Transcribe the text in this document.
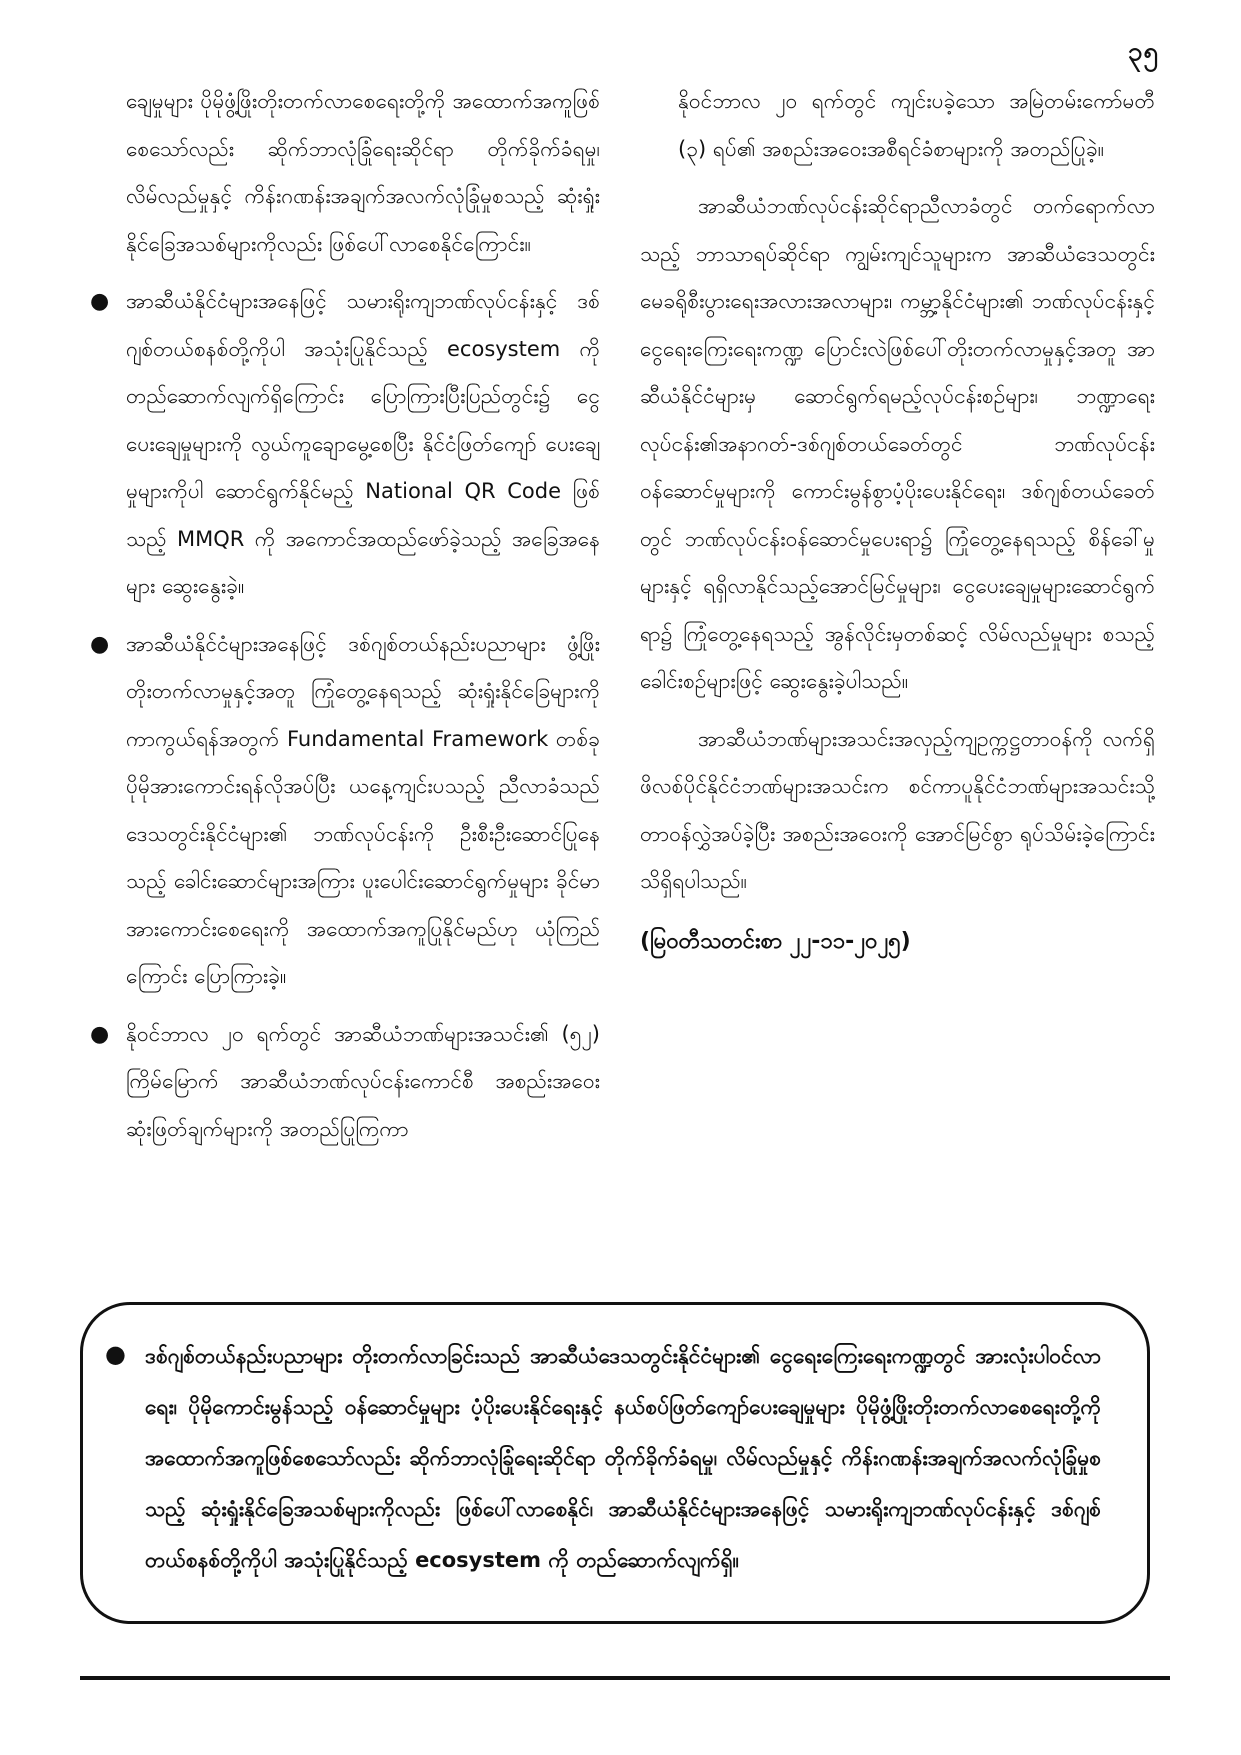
၃၅

ချေမှုများ ပိုမိုဖွံ့ဖြိုးတိုးတက်လာစေရေးတို့ကို အထောက်အကူဖြစ်စေသော်လည်း ဆိုက်ဘာလုံခြုံရေးဆိုင်ရာ တိုက်ခိုက်ခံရမှု၊ လိမ်လည်မှုနှင့် ကိန်းဂဏန်းအချက်အလက်လုံခြုံမှုစသည့် ဆုံးရှုံးနိုင်ခြေအသစ်များကိုလည်း ဖြစ်ပေါ်လာစေနိုင်ကြောင်း။

● အာဆီယံနိုင်ငံများအနေဖြင့် သမားရိုးကျဘဏ်လုပ်ငန်းနှင့် ဒစ်ဂျစ်တယ်စနစ်တို့ကိုပါ အသုံးပြုနိုင်သည့် ecosystem ကိုတည်ဆောက်လျက်ရှိကြောင်း ပြောကြားပြီးပြည်တွင်း၌ ငွေပေးချေမှုများကို လွယ်ကူချောမွေ့စေပြီး နိုင်ငံဖြတ်ကျော် ပေးချေမှုများကိုပါ ဆောင်ရွက်နိုင်မည့် National QR Code ဖြစ်သည့် MMQR ကို အကောင်အထည်ဖော်ခဲ့သည့် အခြေအနေများ ဆွေးနွေးခဲ့။
● အာဆီယံနိုင်ငံများအနေဖြင့် ဒစ်ဂျစ်တယ်နည်းပညာများ ဖွံ့ဖြိုးတိုးတက်လာမှုနှင့်အတူ ကြုံတွေ့နေရသည့် ဆုံးရှုံးနိုင်ခြေများကို ကာကွယ်ရန်အတွက် Fundamental Framework တစ်ခု ပိုမိုအားကောင်းရန်လိုအပ်ပြီး ယနေ့ကျင်းပသည့် ညီလာခံသည် ဒေသတွင်းနိုင်ငံများ၏ ဘဏ်လုပ်ငန်းကို ဦးစီးဦးဆောင်ပြုနေသည့် ခေါင်းဆောင်များအကြား ပူးပေါင်းဆောင်ရွက်မှုများ ခိုင်မာအားကောင်းစေရေးကို အထောက်အကူပြုနိုင်မည်ဟု ယုံကြည်ကြောင်း ပြောကြားခဲ့။
● နိုဝင်ဘာလ ၂၀ ရက်တွင် အာဆီယံဘဏ်များအသင်း၏ (၅၂) ကြိမ်မြောက် အာဆီယံဘဏ်လုပ်ငန်းကောင်စီ အစည်းအဝေးဆုံးဖြတ်ချက်များကို အတည်ပြုကြကာ

နိုဝင်ဘာလ ၂၀ ရက်တွင် ကျင်းပခဲ့သော အမြဲတမ်းကော်မတီ (၃) ရပ်၏ အစည်းအဝေးအစီရင်ခံစာများကို အတည်ပြုခဲ့။

အာဆီယံဘဏ်လုပ်ငန်းဆိုင်ရာညီလာခံတွင် တက်ရောက်လာသည့် ဘာသာရပ်ဆိုင်ရာ ကျွမ်းကျင်သူများက အာဆီယံဒေသတွင်း မေခရိုစီးပွားရေးအလားအလာများ၊ ကမ္ဘာ့နိုင်ငံများ၏ ဘဏ်လုပ်ငန်းနှင့် ငွေရေးကြေးရေးကဏ္ဍ ပြောင်းလဲဖြစ်ပေါ်တိုးတက်လာမှုနှင့်အတူ အာဆီယံနိုင်ငံများမှ ဆောင်ရွက်ရမည့်လုပ်ငန်းစဉ်များ၊ ဘဏ္ဍာရေးလုပ်ငန်း၏အနာဂတ်-ဒစ်ဂျစ်တယ်ခေတ်တွင် ဘဏ်လုပ်ငန်းဝန်ဆောင်မှုများကို ကောင်းမွန်စွာပံ့ပိုးပေးနိုင်ရေး၊ ဒစ်ဂျစ်တယ်ခေတ်တွင် ဘဏ်လုပ်ငန်းဝန်ဆောင်မှုပေးရာ၌ ကြုံတွေ့နေရသည့် စိန်ခေါ်မှုများနှင့် ရရှိလာနိုင်သည့်အောင်မြင်မှုများ၊ ငွေပေးချေမှုများဆောင်ရွက်ရာ၌ ကြုံတွေ့နေရသည့် အွန်လိုင်းမှတစ်ဆင့် လိမ်လည်မှုများ စသည့်ခေါင်းစဉ်များဖြင့် ဆွေးနွေးခဲ့ပါသည်။

အာဆီယံဘဏ်များအသင်းအလှည့်ကျဥက္ကဋ္ဌတာဝန်ကို လက်ရှိဖိလစ်ပိုင်နိုင်ငံဘဏ်များအသင်းက စင်ကာပူနိုင်ငံဘဏ်များအသင်းသို့ တာဝန်လွှဲအပ်ခဲ့ပြီး အစည်းအဝေးကို အောင်မြင်စွာ ရုပ်သိမ်းခဲ့ကြောင်းသိရှိရပါသည်။

(မြဝတီသတင်းစာ ၂၂-၁၁-၂၀၂၅)

● ဒစ်ဂျစ်တယ်နည်းပညာများ တိုးတက်လာခြင်းသည် အာဆီယံဒေသတွင်းနိုင်ငံများ၏ ငွေရေးကြေးရေးကဏ္ဍတွင် အားလုံးပါဝင်လာရေး၊ ပိုမိုကောင်းမွန်သည့် ဝန်ဆောင်မှုများ ပံ့ပိုးပေးနိုင်ရေးနှင့် နယ်စပ်ဖြတ်ကျော်ပေးချေမှုများ ပိုမိုဖွံ့ဖြိုးတိုးတက်လာစေရေးတို့ကို အထောက်အကူဖြစ်စေသော်လည်း ဆိုက်ဘာလုံခြုံရေးဆိုင်ရာ တိုက်ခိုက်ခံရမှု၊ လိမ်လည်မှုနှင့် ကိန်းဂဏန်းအချက်အလက်လုံခြုံမှုစသည့် ဆုံးရှုံးနိုင်ခြေအသစ်များကိုလည်း ဖြစ်ပေါ်လာစေနိုင်၊ အာဆီယံနိုင်ငံများအနေဖြင့် သမားရိုးကျဘဏ်လုပ်ငန်းနှင့် ဒစ်ဂျစ်တယ်စနစ်တို့ကိုပါ အသုံးပြုနိုင်သည့် ecosystem ကို တည်ဆောက်လျက်ရှိ။
